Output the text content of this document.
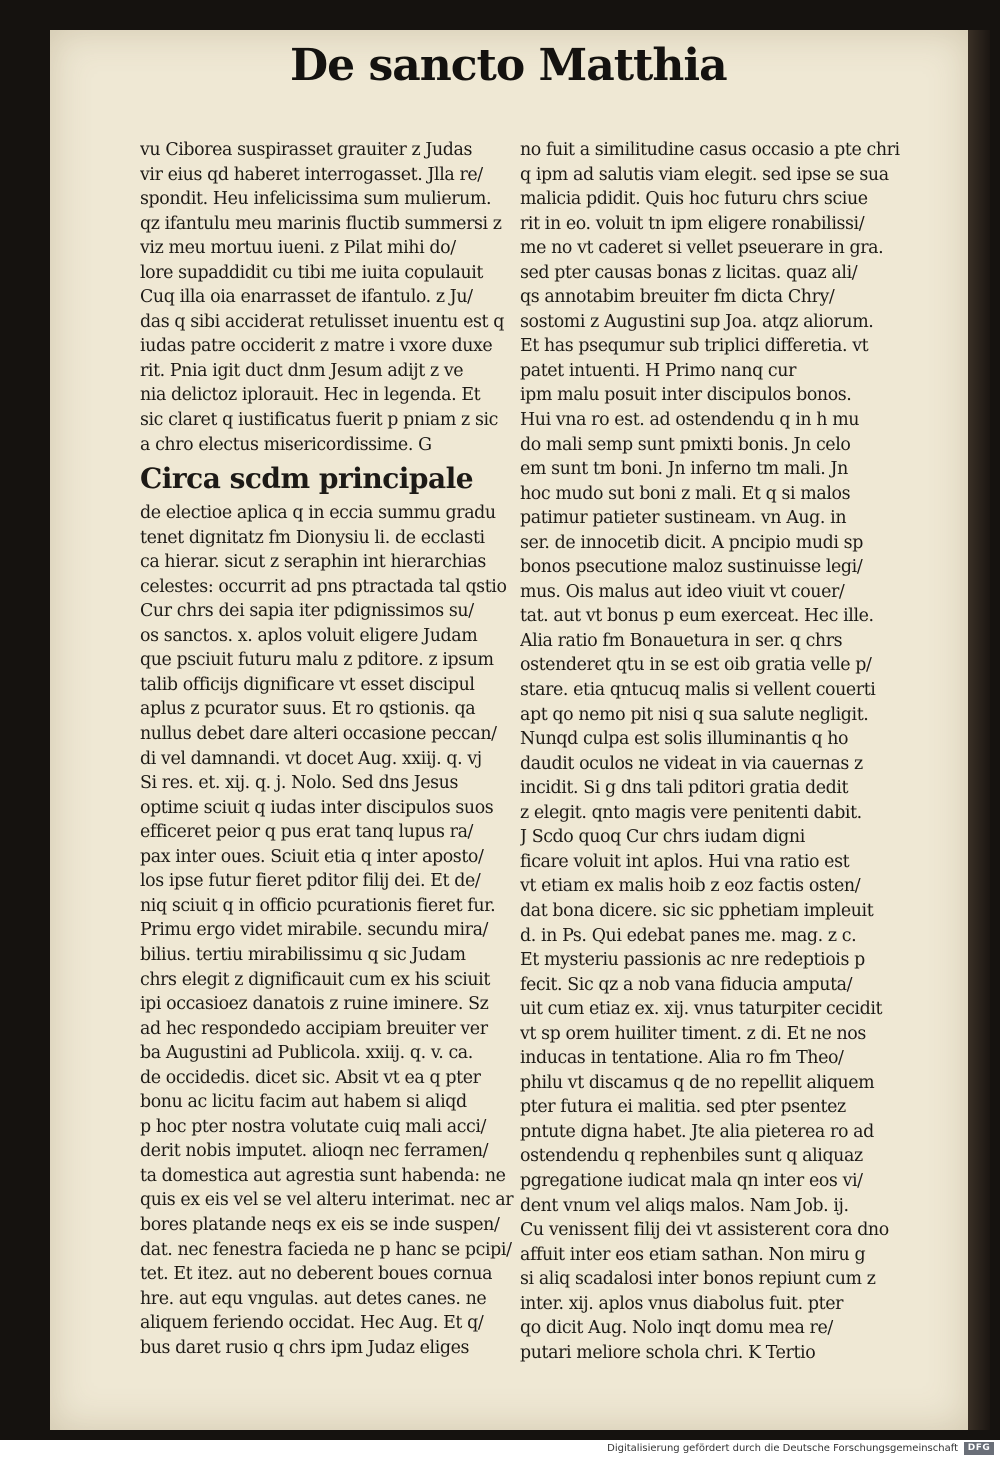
De sancto Matthia
vu Ciborea suspirasset grauiter z Judas
vir eius qd haberet interrogasset. Jlla re/
spondit. Heu infelicissima sum mulierum.
qz ifantulu meu marinis fluctib summersi z
viz meu mortuu iueni. z Pilat mihi do/
lore supaddidit cu tibi me iuita copulauit
Cuq illa oia enarrasset de ifantulo. z Ju/
das q sibi acciderat retulisset inuentu est q
iudas patre occiderit z matre i vxore duxe
rit. Pnia igit duct dnm Jesum adijt z ve
nia delictoz iplorauit. Hec in legenda. Et
sic claret q iustificatus fuerit p pniam z sic
a chro electus misericordissime. G
Circa scdm principale
de electioe aplica q in eccia summu gradu
tenet dignitatz fm Dionysiu li. de ecclasti
ca hierar. sicut z seraphin int hierarchias
celestes: occurrit ad pns ptractada tal qstio
Cur chrs dei sapia iter pdignissimos su/
os sanctos. x. aplos voluit eligere Judam
que psciuit futuru malu z pditore. z ipsum
talib officijs dignificare vt esset discipul
aplus z pcurator suus. Et ro qstionis. qa
nullus debet dare alteri occasione peccan/
di vel damnandi. vt docet Aug. xxiij. q. vj
Si res. et. xij. q. j. Nolo. Sed dns Jesus
optime sciuit q iudas inter discipulos suos
efficeret peior q pus erat tanq lupus ra/
pax inter oues. Sciuit etia q inter aposto/
los ipse futur fieret pditor filij dei. Et de/
niq sciuit q in officio pcurationis fieret fur.
Primu ergo videt mirabile. secundu mira/
bilius. tertiu mirabilissimu q sic Judam
chrs elegit z dignificauit cum ex his sciuit
ipi occasioez danatois z ruine iminere. Sz
ad hec respondedo accipiam breuiter ver
ba Augustini ad Publicola. xxiij. q. v. ca.
de occidedis. dicet sic. Absit vt ea q pter
bonu ac licitu facim aut habem si aliqd
p hoc pter nostra volutate cuiq mali acci/
derit nobis imputet. alioqn nec ferramen/
ta domestica aut agrestia sunt habenda: ne
quis ex eis vel se vel alteru interimat. nec ar
bores platande neqs ex eis se inde suspen/
dat. nec fenestra facieda ne p hanc se pcipi/
tet. Et itez. aut no deberent boues cornua
hre. aut equ vngulas. aut detes canes. ne
aliquem feriendo occidat. Hec Aug. Et q/
bus daret rusio q chrs ipm Judaz eliges
no fuit a similitudine casus occasio a pte chri
q ipm ad salutis viam elegit. sed ipse se sua
malicia pdidit. Quis hoc futuru chrs sciue
rit in eo. voluit tn ipm eligere ronabilissi/
me no vt caderet si vellet pseuerare in gra.
sed pter causas bonas z licitas. quaz ali/
qs annotabim breuiter fm dicta Chry/
sostomi z Augustini sup Joa. atqz aliorum.
Et has psequmur sub triplici differetia. vt
patet intuenti. H Primo nanq cur
ipm malu posuit inter discipulos bonos.
Hui vna ro est. ad ostendendu q in h mu
do mali semp sunt pmixti bonis. Jn celo
em sunt tm boni. Jn inferno tm mali. Jn
hoc mudo sut boni z mali. Et q si malos
patimur patieter sustineam. vn Aug. in
ser. de innocetib dicit. A pncipio mudi sp
bonos psecutione maloz sustinuisse legi/
mus. Ois malus aut ideo viuit vt couer/
tat. aut vt bonus p eum exerceat. Hec ille.
Alia ratio fm Bonauetura in ser. q chrs
ostenderet qtu in se est oib gratia velle p/
stare. etia qntucuq malis si vellent couerti
apt qo nemo pit nisi q sua salute negligit.
Nunqd culpa est solis illuminantis q ho
daudit oculos ne videat in via cauernas z
incidit. Si g dns tali pditori gratia dedit
z elegit. qnto magis vere penitenti dabit.
J Scdo quoq Cur chrs iudam digni
ficare voluit int aplos. Hui vna ratio est
vt etiam ex malis hoib z eoz factis osten/
dat bona dicere. sic sic pphetiam impleuit
d. in Ps. Qui edebat panes me. mag. z c.
Et mysteriu passionis ac nre redeptiois p
fecit. Sic qz a nob vana fiducia amputa/
uit cum etiaz ex. xij. vnus taturpiter cecidit
vt sp orem huiliter timent. z di. Et ne nos
inducas in tentatione. Alia ro fm Theo/
philu vt discamus q de no repellit aliquem
pter futura ei malitia. sed pter psentez
pntute digna habet. Jte alia pieterea ro ad
ostendendu q rephenbiles sunt q aliquaz
pgregatione iudicat mala qn inter eos vi/
dent vnum vel aliqs malos. Nam Job. ij.
Cu venissent filij dei vt assisterent cora dno
affuit inter eos etiam sathan. Non miru g
si aliq scadalosi inter bonos repiunt cum z
inter. xij. aplos vnus diabolus fuit. pter
qo dicit Aug. Nolo inqt domu mea re/
putari meliore schola chri. K Tertio
Digitalisierung gefördert durch die Deutsche Forschungsgemeinschaft	DFG
